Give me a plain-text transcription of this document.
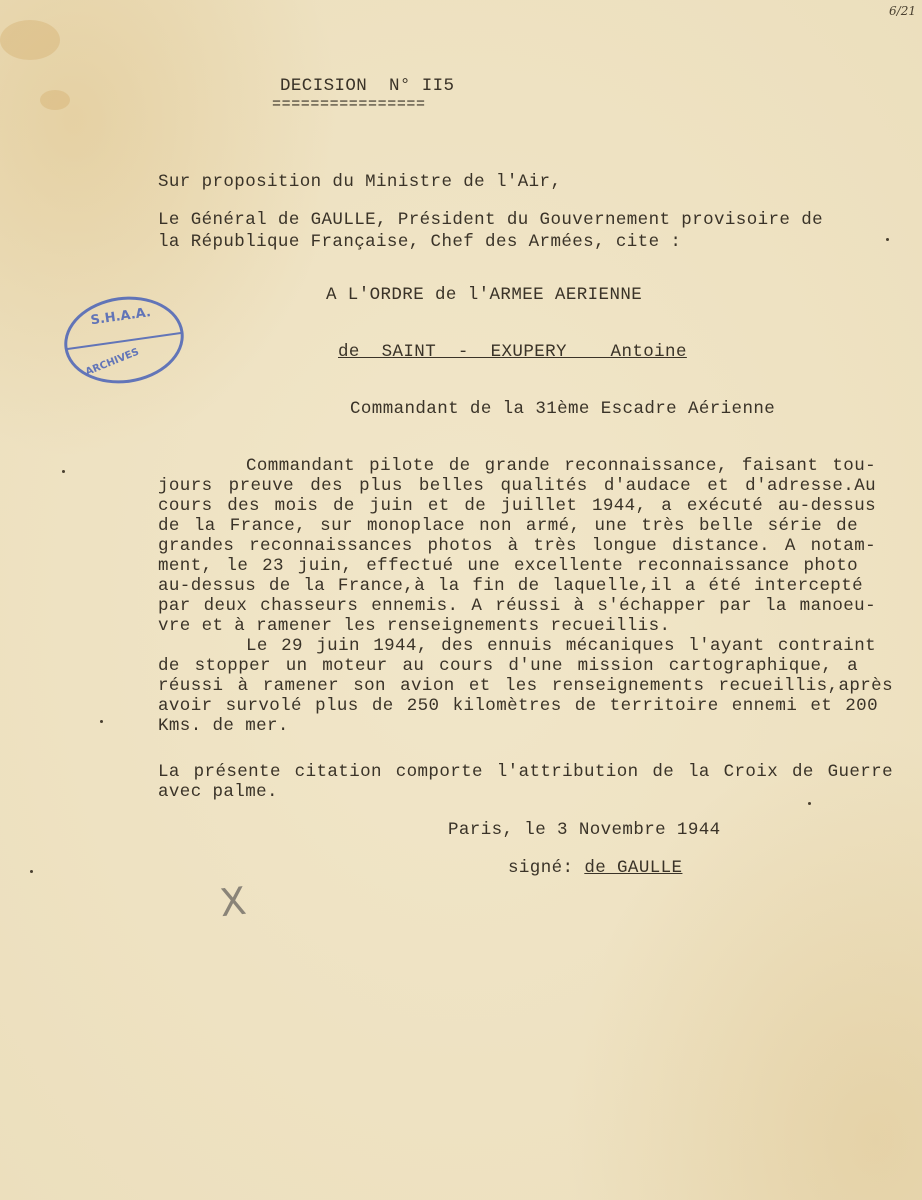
6/21
DECISION  N° II5
================
Sur proposition du Ministre de l'Air,
Le Général de GAULLE, Président du Gouvernement provisoire de
la République Française, Chef des Armées, cite :
A L'ORDRE de l'ARMEE AERIENNE
de  SAINT  -  EXUPERY    Antoine
Commandant de la 31ème Escadre Aérienne
Commandant pilote de grande reconnaissance, faisant tou-
jours preuve des plus belles qualités d'audace et d'adresse.Au
cours des mois de juin et de juillet 1944, a exécuté au-dessus
de la France, sur monoplace non armé, une très belle série de
grandes reconnaissances photos à très longue distance. A notam-
ment, le 23 juin, effectué une excellente reconnaissance photo
au-dessus de la France,à la fin de laquelle,il a été intercepté
par deux chasseurs ennemis. A réussi à s'échapper par la manoeu-
vre et à ramener les renseignements recueillis.
Le 29 juin 1944, des ennuis mécaniques l'ayant contraint
de stopper un moteur au cours d'une mission cartographique, a
réussi à ramener son avion et les renseignements recueillis,après
avoir survolé plus de 250 kilomètres de territoire ennemi et 200
Kms. de mer.
La présente citation comporte l'attribution de la Croix de Guerre
avec palme.
Paris, le 3 Novembre 1944
signé: de GAULLE
S.H.A.A.
ARCHIVES
X
